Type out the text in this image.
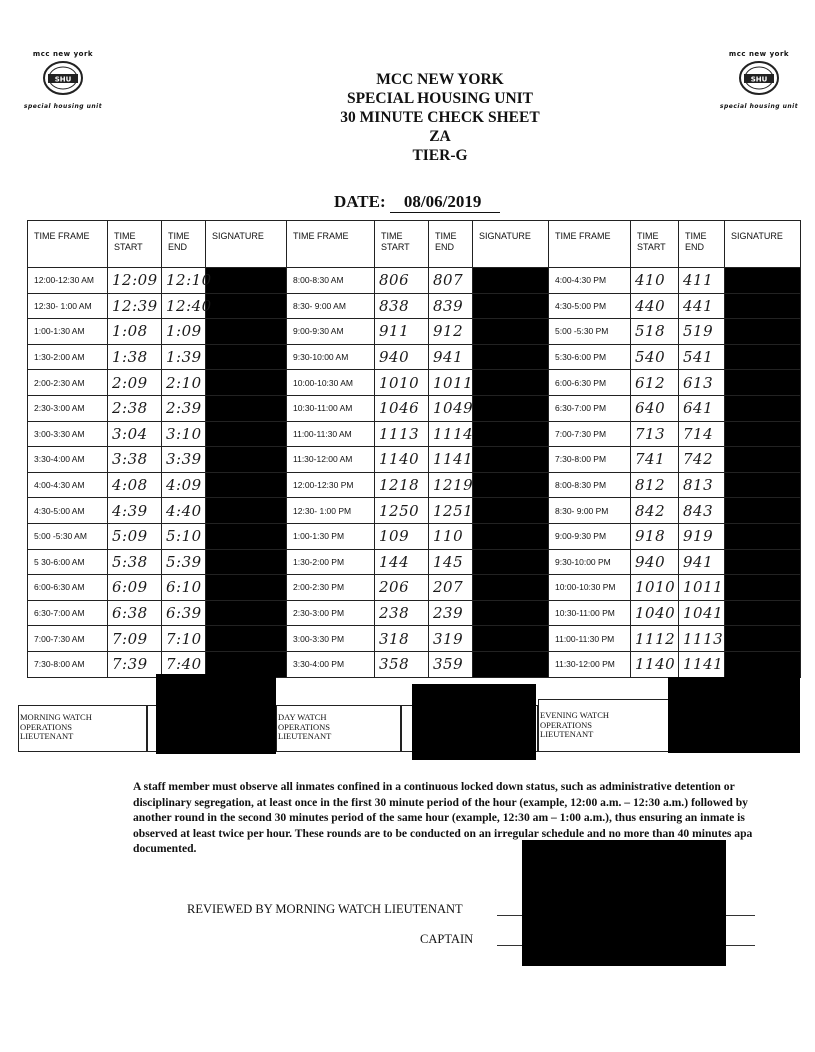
mcc new york
SHU
special housing unit
mcc new york
SHU
special housing unit
MCC NEW YORK
SPECIAL HOUSING UNIT
30 MINUTE CHECK SHEET
ZA
TIER-G
DATE: 08/06/2019
TIME FRAME	TIME START	TIME END	SIGNATURE	TIME FRAME	TIME START	TIME END	SIGNATURE	TIME FRAME	TIME START	TIME END	SIGNATURE
12:00-12:30 AM	12:09	12:10		8:00-8:30 AM	806	807		4:00-4:30 PM	410	411	
12:30- 1:00 AM	12:39	12:40		8:30- 9:00 AM	838	839		4:30-5:00 PM	440	441	
1:00-1:30 AM	1:08	1:09		9:00-9:30 AM	911	912		5:00 -5:30 PM	518	519	
1:30-2:00 AM	1:38	1:39		9:30-10:00 AM	940	941		5:30-6:00 PM	540	541	
2:00-2:30 AM	2:09	2:10		10:00-10:30 AM	1010	1011		6:00-6:30 PM	612	613	
2:30-3:00 AM	2:38	2:39		10:30-11:00 AM	1046	1049		6:30-7:00 PM	640	641	
3:00-3:30 AM	3:04	3:10		11:00-11:30 AM	1113	1114		7:00-7:30 PM	713	714	
3:30-4:00 AM	3:38	3:39		11:30-12:00 AM	1140	1141		7:30-8:00 PM	741	742	
4:00-4:30 AM	4:08	4:09		12:00-12:30 PM	1218	1219		8:00-8:30 PM	812	813	
4:30-5:00 AM	4:39	4:40		12:30- 1:00 PM	1250	1251		8:30- 9:00 PM	842	843	
5:00 -5:30 AM	5:09	5:10		1:00-1:30 PM	109	110		9:00-9:30 PM	918	919	
5 30-6:00 AM	5:38	5:39		1:30-2:00 PM	144	145		9:30-10:00 PM	940	941	
6:00-6:30 AM	6:09	6:10		2:00-2:30 PM	206	207		10:00-10:30 PM	1010	1011	
6:30-7:00 AM	6:38	6:39		2:30-3:00 PM	238	239		10:30-11:00 PM	1040	1041	
7:00-7:30 AM	7:09	7:10		3:00-3:30 PM	318	319		11:00-11:30 PM	1112	1113	
7:30-8:00 AM	7:39	7:40		3:30-4:00 PM	358	359		11:30-12:00 PM	1140	1141	
MORNING WATCH
OPERATIONS
LIEUTENANT
DAY WATCH
OPERATIONS
LIEUTENANT
EVENING WATCH
OPERATIONS
LIEUTENANT
A staff member must observe all inmates confined in a continuous locked down status, such as administrative detention or disciplinary segregation, at least once in the first 30 minute period of the hour (example, 12:00 a.m. – 12:30 a.m.) followed by another round in the second 30 minutes period of the same hour (example, 12:30 am – 1:00 a.m.), thus ensuring an inmate is observed at least twice per hour. These rounds are to be conducted on an irregular schedule and no more than 40 minutes apa
documented.
REVIEWED BY MORNING WATCH LIEUTENANT
CAPTAIN
